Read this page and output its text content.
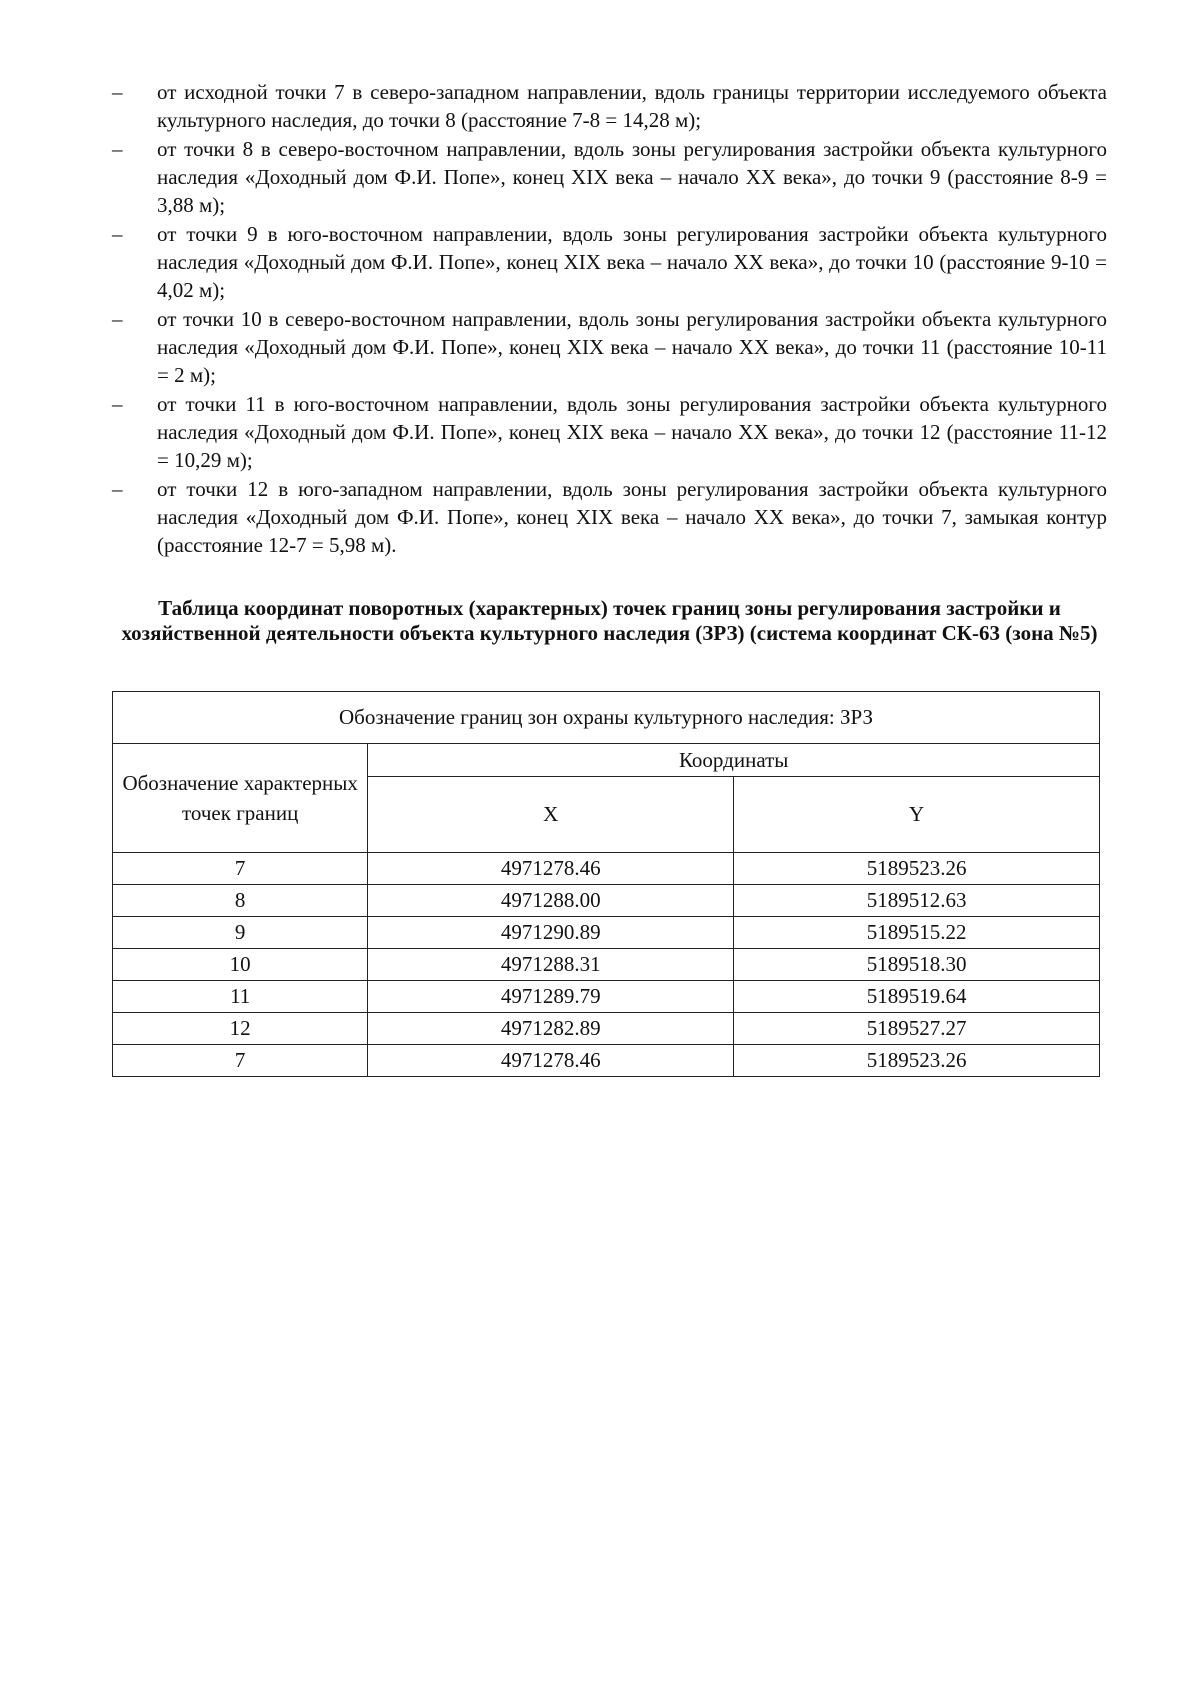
–	от исходной точки 7 в северо-западном направлении, вдоль границы территории исследуемого объекта культурного наследия, до точки 8 (расстояние 7-8 = 14,28 м);
–	от точки 8 в северо-восточном направлении, вдоль зоны регулирования застройки объекта культурного наследия «Доходный дом Ф.И. Попе», конец XIX века – начало XX века», до точки 9 (расстояние 8-9 = 3,88 м);
–	от точки 9 в юго-восточном направлении, вдоль зоны регулирования застройки объекта культурного наследия «Доходный дом Ф.И. Попе», конец XIX века – начало XX века», до точки 10 (расстояние 9-10 = 4,02 м);
–	от точки 10 в северо-восточном направлении, вдоль зоны регулирования застройки объекта культурного наследия «Доходный дом Ф.И. Попе», конец XIX века – начало XX века», до точки 11 (расстояние 10-11 = 2 м);
–	от точки 11 в юго-восточном направлении, вдоль зоны регулирования застройки объекта культурного наследия «Доходный дом Ф.И. Попе», конец XIX века – начало XX века», до точки 12 (расстояние 11-12 = 10,29 м);
–	от точки 12 в юго-западном направлении, вдоль зоны регулирования застройки объекта культурного наследия «Доходный дом Ф.И. Попе», конец XIX века – начало XX века», до точки 7, замыкая контур (расстояние 12-7 = 5,98 м).

Таблица координат поворотных (характерных) точек границ зоны регулирования застройки и хозяйственной деятельности объекта культурного наследия (ЗРЗ) (система координат СК-63 (зона №5)

Обозначение границ зон охраны культурного наследия: ЗРЗ		
Обозначение характерных точек границ	Координаты	
	X	Y
7	4971278.46	5189523.26
8	4971288.00	5189512.63
9	4971290.89	5189515.22
10	4971288.31	5189518.30
11	4971289.79	5189519.64
12	4971282.89	5189527.27
7	4971278.46	5189523.26
